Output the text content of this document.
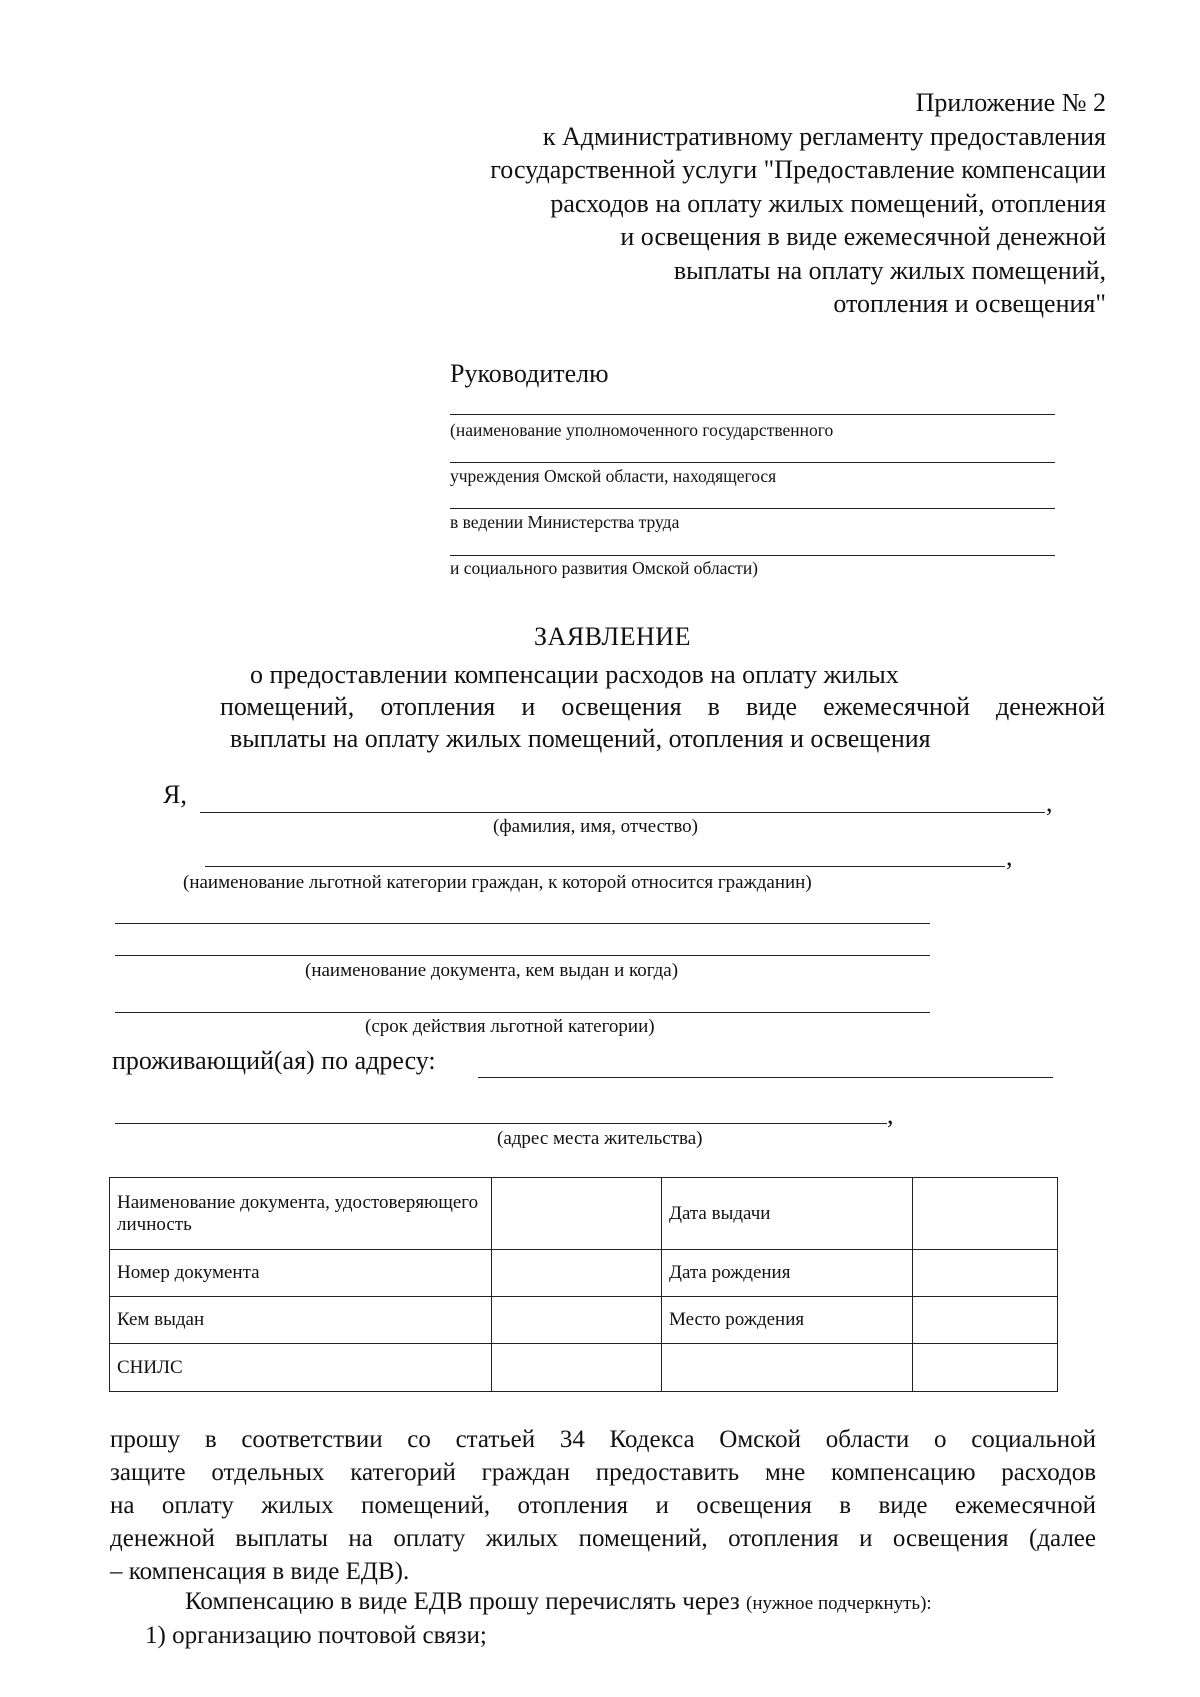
Приложение № 2
к Административному регламенту предоставления
государственной услуги "Предоставление компенсации
расходов на оплату жилых помещений, отопления
и освещения в виде ежемесячной денежной
выплаты на оплату жилых помещений,
отопления и освещения"
Руководителю
(наименование уполномоченного государственного
учреждения Омской области, находящегося
в ведении Министерства труда
и социального развития Омской области)
ЗАЯВЛЕНИЕ
о предоставлении компенсации расходов на оплату жилых
помещений, отопления и освещения в виде ежемесячной денежной
выплаты на оплату жилых помещений, отопления и освещения
Я,	,
(фамилия, имя, отчество)
,
(наименование льготной категории граждан, к которой относится гражданин)
(наименование документа, кем выдан и когда)
(срок действия льготной категории)
проживающий(ая) по адресу:
,
(адрес места жительства)
Наименование документа, удостоверяющего личность		Дата выдачи	
Номер документа		Дата рождения	
Кем выдан		Место рождения	
СНИЛС			
прошу в соответствии со статьей 34 Кодекса Омской области о социальной
защите отдельных категорий граждан предоставить мне компенсацию расходов
на оплату жилых помещений, отопления и освещения в виде ежемесячной
денежной выплаты на оплату жилых помещений, отопления и освещения (далее
– компенсация в виде ЕДВ).
Компенсацию в виде ЕДВ прошу перечислять через (нужное подчеркнуть):
1) организацию почтовой связи;
